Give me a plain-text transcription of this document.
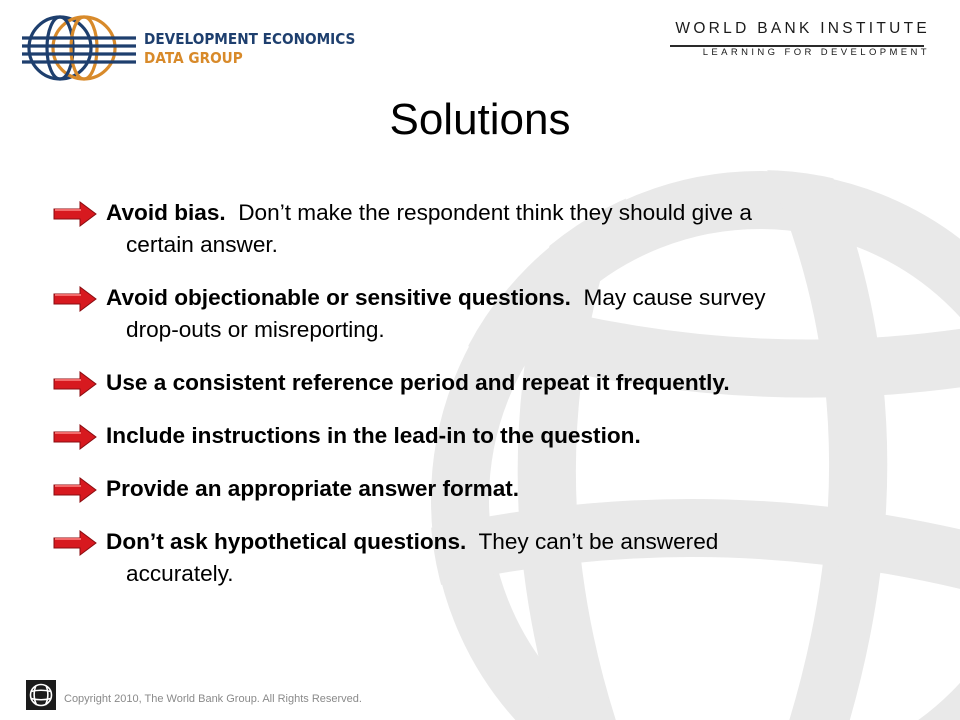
DEVELOPMENT ECONOMICS
DATA GROUP
WORLD BANK INSTITUTE
LEARNING FOR DEVELOPMENT
Solutions
Avoid bias.  Don’t make the respondent think they should give a
certain answer.
Avoid objectionable or sensitive questions.  May cause survey
drop-outs or misreporting.
Use a consistent reference period and repeat it frequently.
Include instructions in the lead-in to the question.
Provide an appropriate answer format.
Don’t ask hypothetical questions.  They can’t be answered
accurately.
Copyright 2010, The World Bank Group. All Rights Reserved.
